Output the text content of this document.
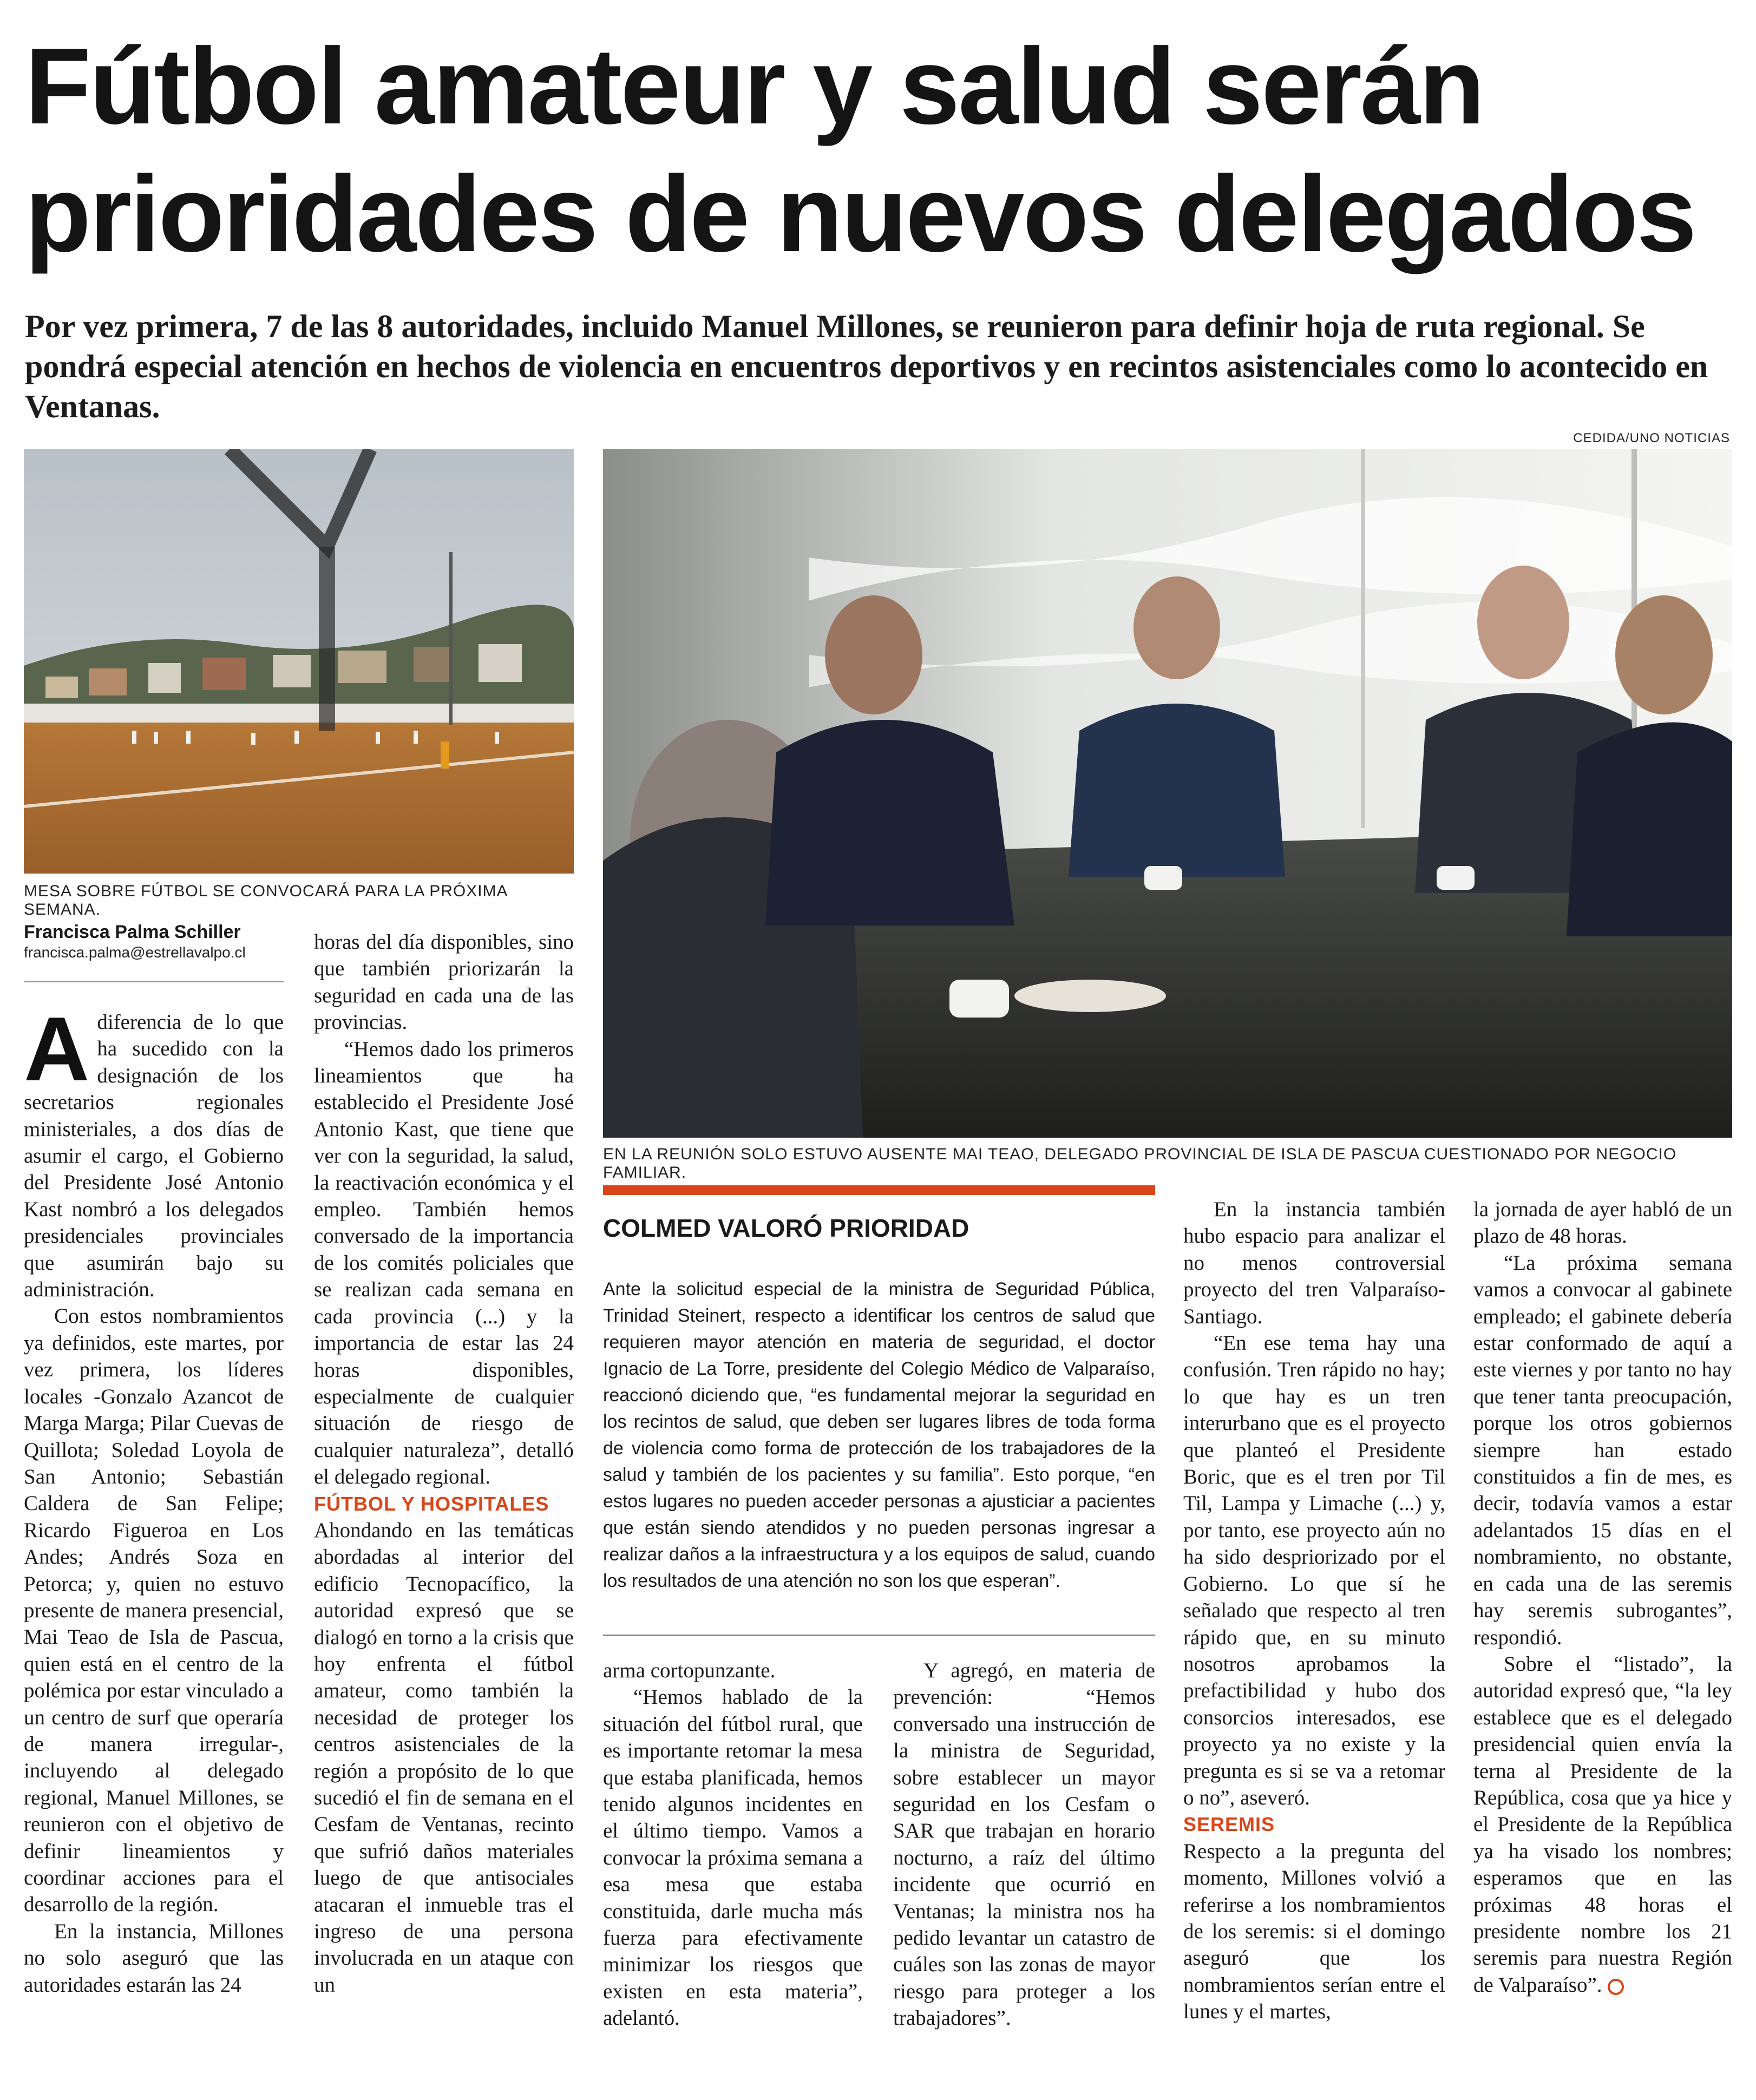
Fútbol amateur y salud serán prioridades de nuevos delegados

Por vez primera, 7 de las 8 autoridades, incluido Manuel Millones, se reunieron para definir hoja de ruta regional. Se pondrá especial atención en hechos de violencia en encuentros deportivos y en recintos asistenciales como lo acontecido en Ventanas.

CEDIDA/UNO NOTICIAS
MESA SOBRE FÚTBOL SE CONVOCARÁ PARA LA PRÓXIMA SEMANA.
EN LA REUNIÓN SOLO ESTUVO AUSENTE MAI TEAO, DELEGADO PROVINCIAL DE ISLA DE PASCUA CUESTIONADO POR NEGOCIO FAMILIAR.
Francisca Palma Schiller
francisca.palma@estrellavalpo.cl

Adiferencia de lo que ha sucedido con la designación de los secretarios regionales ministeriales, a dos días de asumir el cargo, el Gobierno del Presidente José Antonio Kast nombró a los delegados presidenciales provinciales que asumirán bajo su administración.

Con estos nombramientos ya definidos, este martes, por vez primera, los líderes locales -Gonzalo Azancot de Marga Marga; Pilar Cuevas de Quillota; Soledad Loyola de San Antonio; Sebastián Caldera de San Felipe; Ricardo Figueroa en Los Andes; Andrés Soza en Petorca; y, quien no estuvo presente de manera presencial, Mai Teao de Isla de Pascua, quien está en el centro de la polémica por estar vinculado a un centro de surf que operaría de manera irregular-, incluyendo al delegado regional, Manuel Millones, se reunieron con el objetivo de definir lineamientos y coordinar acciones para el desarrollo de la región.

En la instancia, Millones no solo aseguró que las autoridades estarán las 24

horas del día disponibles, sino que también priorizarán la seguridad en cada una de las provincias.

“Hemos dado los primeros lineamientos que ha establecido el Presidente José Antonio Kast, que tiene que ver con la seguridad, la salud, la reactivación económica y el empleo. También hemos conversado de la importancia de los comités policiales que se realizan cada semana en cada provincia (...) y la importancia de estar las 24 horas disponibles, especialmente de cualquier situación de riesgo de cualquier naturaleza”, detalló el delegado regional.

FÚTBOL Y HOSPITALES

Ahondando en las temáticas abordadas al interior del edificio Tecnopacífico, la autoridad expresó que se dialogó en torno a la crisis que hoy enfrenta el fútbol amateur, como también la necesidad de proteger los centros asistenciales de la región a propósito de lo que sucedió el fin de semana en el Cesfam de Ventanas, recinto que sufrió daños materiales luego de que antisociales atacaran el inmueble tras el ingreso de una persona involucrada en un ataque con un

COLMED VALORÓ PRIORIDAD
Ante la solicitud especial de la ministra de Seguridad Pública, Trinidad Steinert, respecto a identificar los centros de salud que requieren mayor atención en materia de seguridad, el doctor Ignacio de La Torre, presidente del Colegio Médico de Valparaíso, reaccionó diciendo que, “es fundamental mejorar la seguridad en los recintos de salud, que deben ser lugares libres de toda forma de violencia como forma de protección de los trabajadores de la salud y también de los pacientes y su familia”. Esto porque, “en estos lugares no pueden acceder personas a ajusticiar a pacientes que están siendo atendidos y no pueden personas ingresar a realizar daños a la infraestructura y a los equipos de salud, cuando los resultados de una atención no son los que esperan”.

arma cortopunzante.

“Hemos hablado de la situación del fútbol rural, que es importante retomar la mesa que estaba planificada, hemos tenido algunos incidentes en el último tiempo. Vamos a convocar la próxima semana a esa mesa que estaba constituida, darle mucha más fuerza para efectivamente minimizar los riesgos que existen en esta materia”, adelantó.

Y agregó, en materia de prevención: “Hemos conversado una instrucción de la ministra de Seguridad, sobre establecer un mayor seguridad en los Cesfam o SAR que trabajan en horario nocturno, a raíz del último incidente que ocurrió en Ventanas; la ministra nos ha pedido levantar un catastro de cuáles son las zonas de mayor riesgo para proteger a los trabajadores”.

En la instancia también hubo espacio para analizar el no menos controversial proyecto del tren Valparaíso-Santiago.

“En ese tema hay una confusión. Tren rápido no hay; lo que hay es un tren interurbano que es el proyecto que planteó el Presidente Boric, que es el tren por Til Til, Lampa y Limache (...) y, por tanto, ese proyecto aún no ha sido despriorizado por el Gobierno. Lo que sí he señalado que respecto al tren rápido que, en su minuto nosotros aprobamos la prefactibilidad y hubo dos consorcios interesados, ese proyecto ya no existe y la pregunta es si se va a retomar o no”, aseveró.

SEREMIS

Respecto a la pregunta del momento, Millones volvió a referirse a los nombramientos de los seremis: si el domingo aseguró que los nombramientos serían entre el lunes y el martes,

la jornada de ayer habló de un plazo de 48 horas.

“La próxima semana vamos a convocar al gabinete empleado; el gabinete debería estar conformado de aquí a este viernes y por tanto no hay que tener tanta preocupación, porque los otros gobiernos siempre han estado constituidos a fin de mes, es decir, todavía vamos a estar adelantados 15 días en el nombramiento, no obstante, en cada una de las seremis hay seremis subrogantes”, respondió.

Sobre el “listado”, la autoridad expresó que, “la ley establece que es el delegado presidencial quien envía la terna al Presidente de la República, cosa que ya hice y el Presidente de la República ya ha visado los nombres; esperamos que en las próximas 48 horas el presidente nombre los 21 seremis para nuestra Región de Valparaíso”.
